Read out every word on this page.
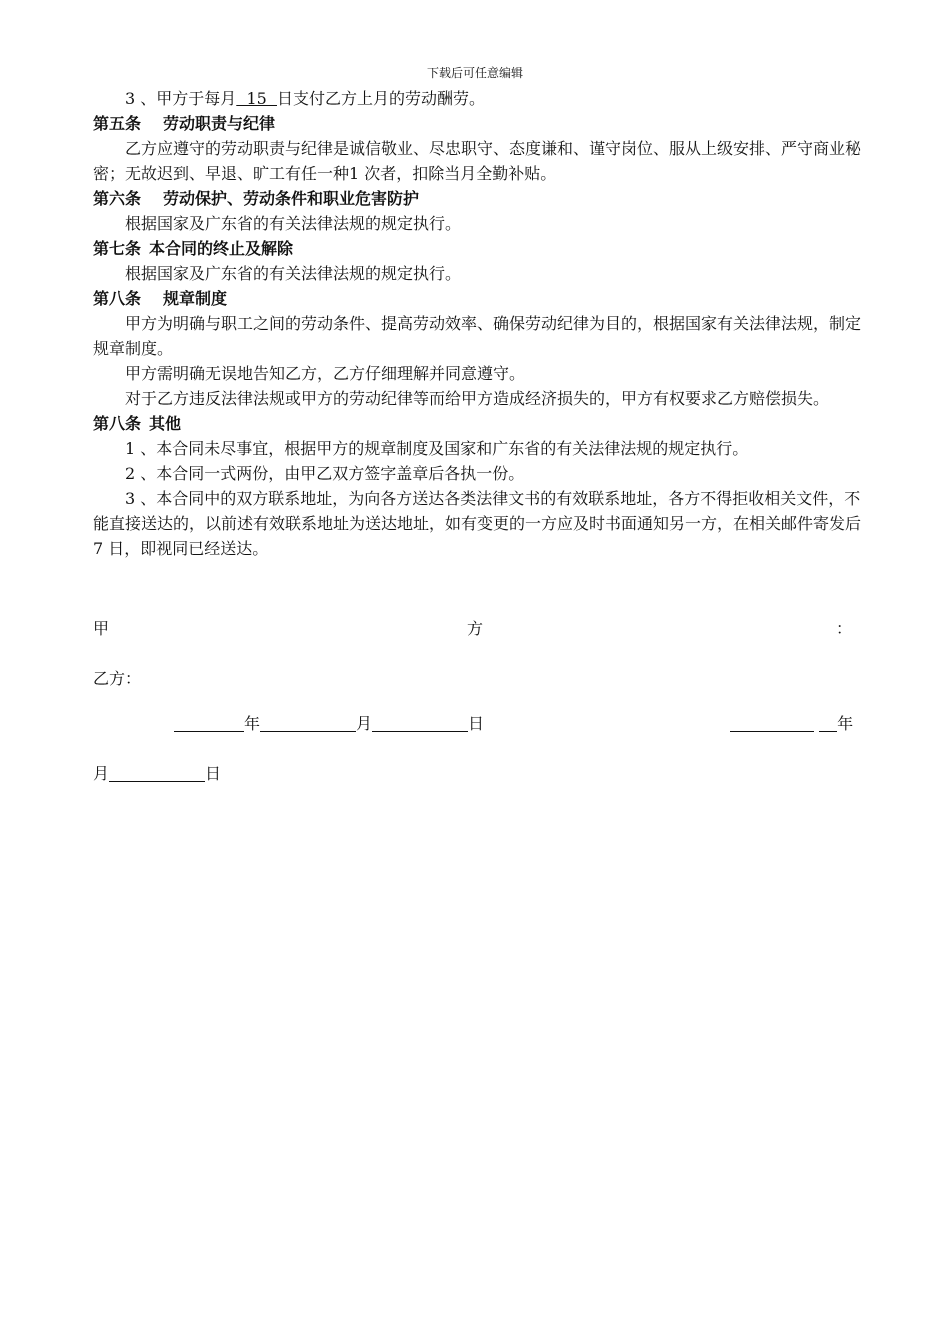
下载后可任意编辑

3 、甲方于每月  15  日支付乙方上月的劳动酬劳。

第五条 劳动职责与纪律

乙方应遵守的劳动职责与纪律是诚信敬业、尽忠职守、态度谦和、谨守岗位、服从上级安排、严守商业秘密；无故迟到、早退、旷工有任一种1 次者，扣除当月全勤补贴。

第六条 劳动保护、劳动条件和职业危害防护

根据国家及广东省的有关法律法规的规定执行。

第七条 本合同的终止及解除

根据国家及广东省的有关法律法规的规定执行。

第八条 规章制度

甲方为明确与职工之间的劳动条件、提高劳动效率、确保劳动纪律为目的，根据国家有关法律法规，制定规章制度。

甲方需明确无误地告知乙方，乙方仔细理解并同意遵守。

对于乙方违反法律法规或甲方的劳动纪律等而给甲方造成经济损失的，甲方有权要求乙方赔偿损失。

第八条 其他

1 、本合同未尽事宜，根据甲方的规章制度及国家和广东省的有关法律法规的规定执行。

2 、本合同一式两份，由甲乙双方签字盖章后各执一份。

3 、本合同中的双方联系地址，为向各方送达各类法律文书的有效联系地址，各方不得拒收相关文件，不能直接送达的，以前述有效联系地址为送达地址，如有变更的一方应及时书面通知另一方，在相关邮件寄发后7 日，即视同已经送达。

甲	方	：
乙方：
年	月	日	年
月	日
